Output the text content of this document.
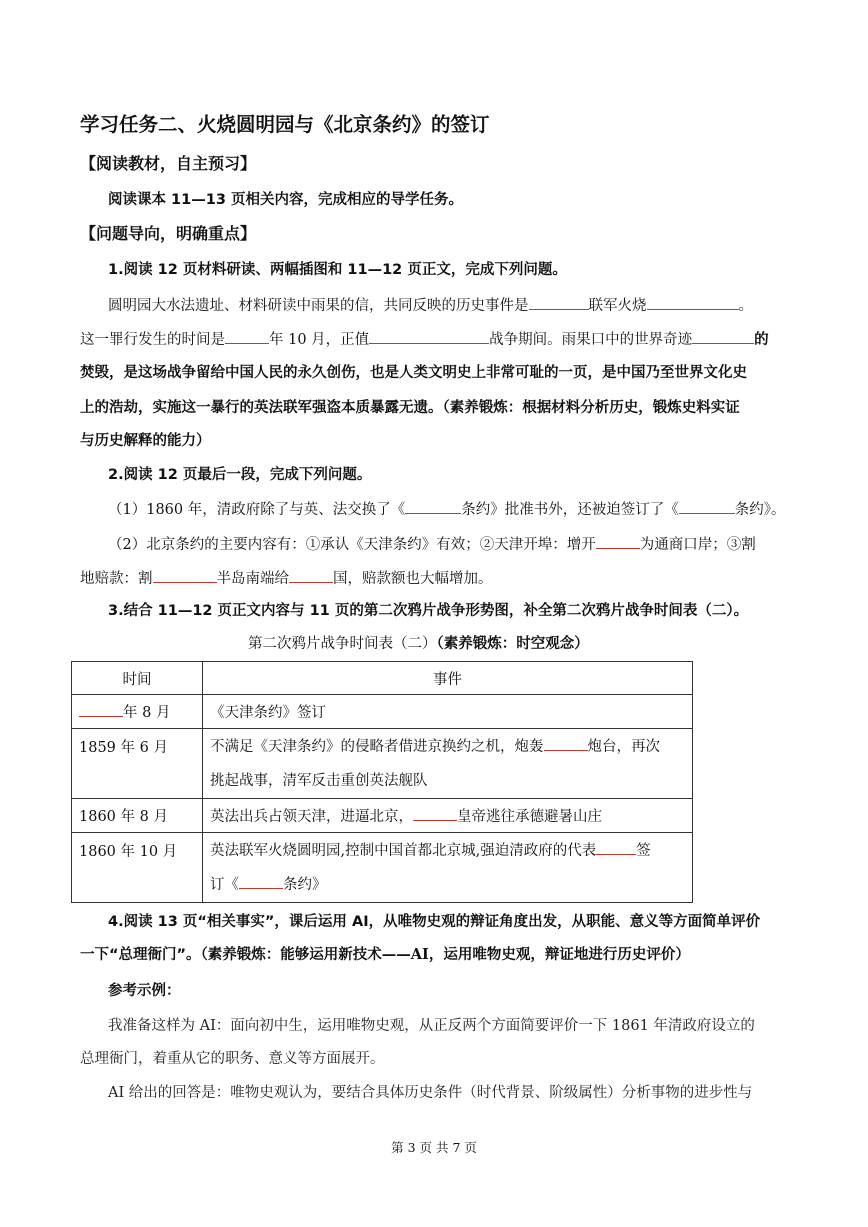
学习任务二、火烧圆明园与《北京条约》的签订
【阅读教材，自主预习】
阅读课本 11—13 页相关内容，完成相应的导学任务。
【问题导向，明确重点】
1.阅读 12 页材料研读、两幅插图和 11—12 页正文，完成下列问题。
圆明园大水法遗址、材料研读中雨果的信，共同反映的历史事件是	联军火烧	。
这一罪行发生的时间是	年 10 月，正值	战争期间。雨果口中的世界奇迹	的
焚毁，是这场战争留给中国人民的永久创伤，也是人类文明史上非常可耻的一页，是中国乃至世界文化史
上的浩劫，实施这一暴行的英法联军强盗本质暴露无遗。（素养锻炼：根据材料分析历史，锻炼史料实证
与历史解释的能力）
2.阅读 12 页最后一段，完成下列问题。
（1）1860 年，清政府除了与英、法交换了《	条约》批准书外，还被迫签订了《	条约》。
（2）北京条约的主要内容有：①承认《天津条约》有效；②天津开埠：增开	为通商口岸；③割
地赔款：割	半岛南端给	国，赔款额也大幅增加。
3.结合 11—12 页正文内容与 11 页的第二次鸦片战争形势图，补全第二次鸦片战争时间表（二）。
第二次鸦片战争时间表（二）（素养锻炼：时空观念）
时间	事件
年 8 月	《天津条约》签订
1859 年 6 月	不满足《天津条约》的侵略者借进京换约之机，炮轰 炮台，再次
挑起战事，清军反击重创英法舰队
1860 年 8 月	英法出兵占领天津，进逼北京， 皇帝逃往承德避暑山庄
1860 年 10 月	英法联军火烧圆明园,控制中国首都北京城,强迫清政府的代表 签
订《 条约》
4.阅读 13 页“相关事实”，课后运用 AI，从唯物史观的辩证角度出发，从职能、意义等方面简单评价
一下“总理衙门”。（素养锻炼：能够运用新技术——AI，运用唯物史观，辩证地进行历史评价）
参考示例：
我准备这样为 AI：面向初中生，运用唯物史观，从正反两个方面简要评价一下 1861 年清政府设立的
总理衙门，着重从它的职务、意义等方面展开。
AI 给出的回答是：唯物史观认为，要结合具体历史条件（时代背景、阶级属性）分析事物的进步性与
第 3 页 共 7 页
